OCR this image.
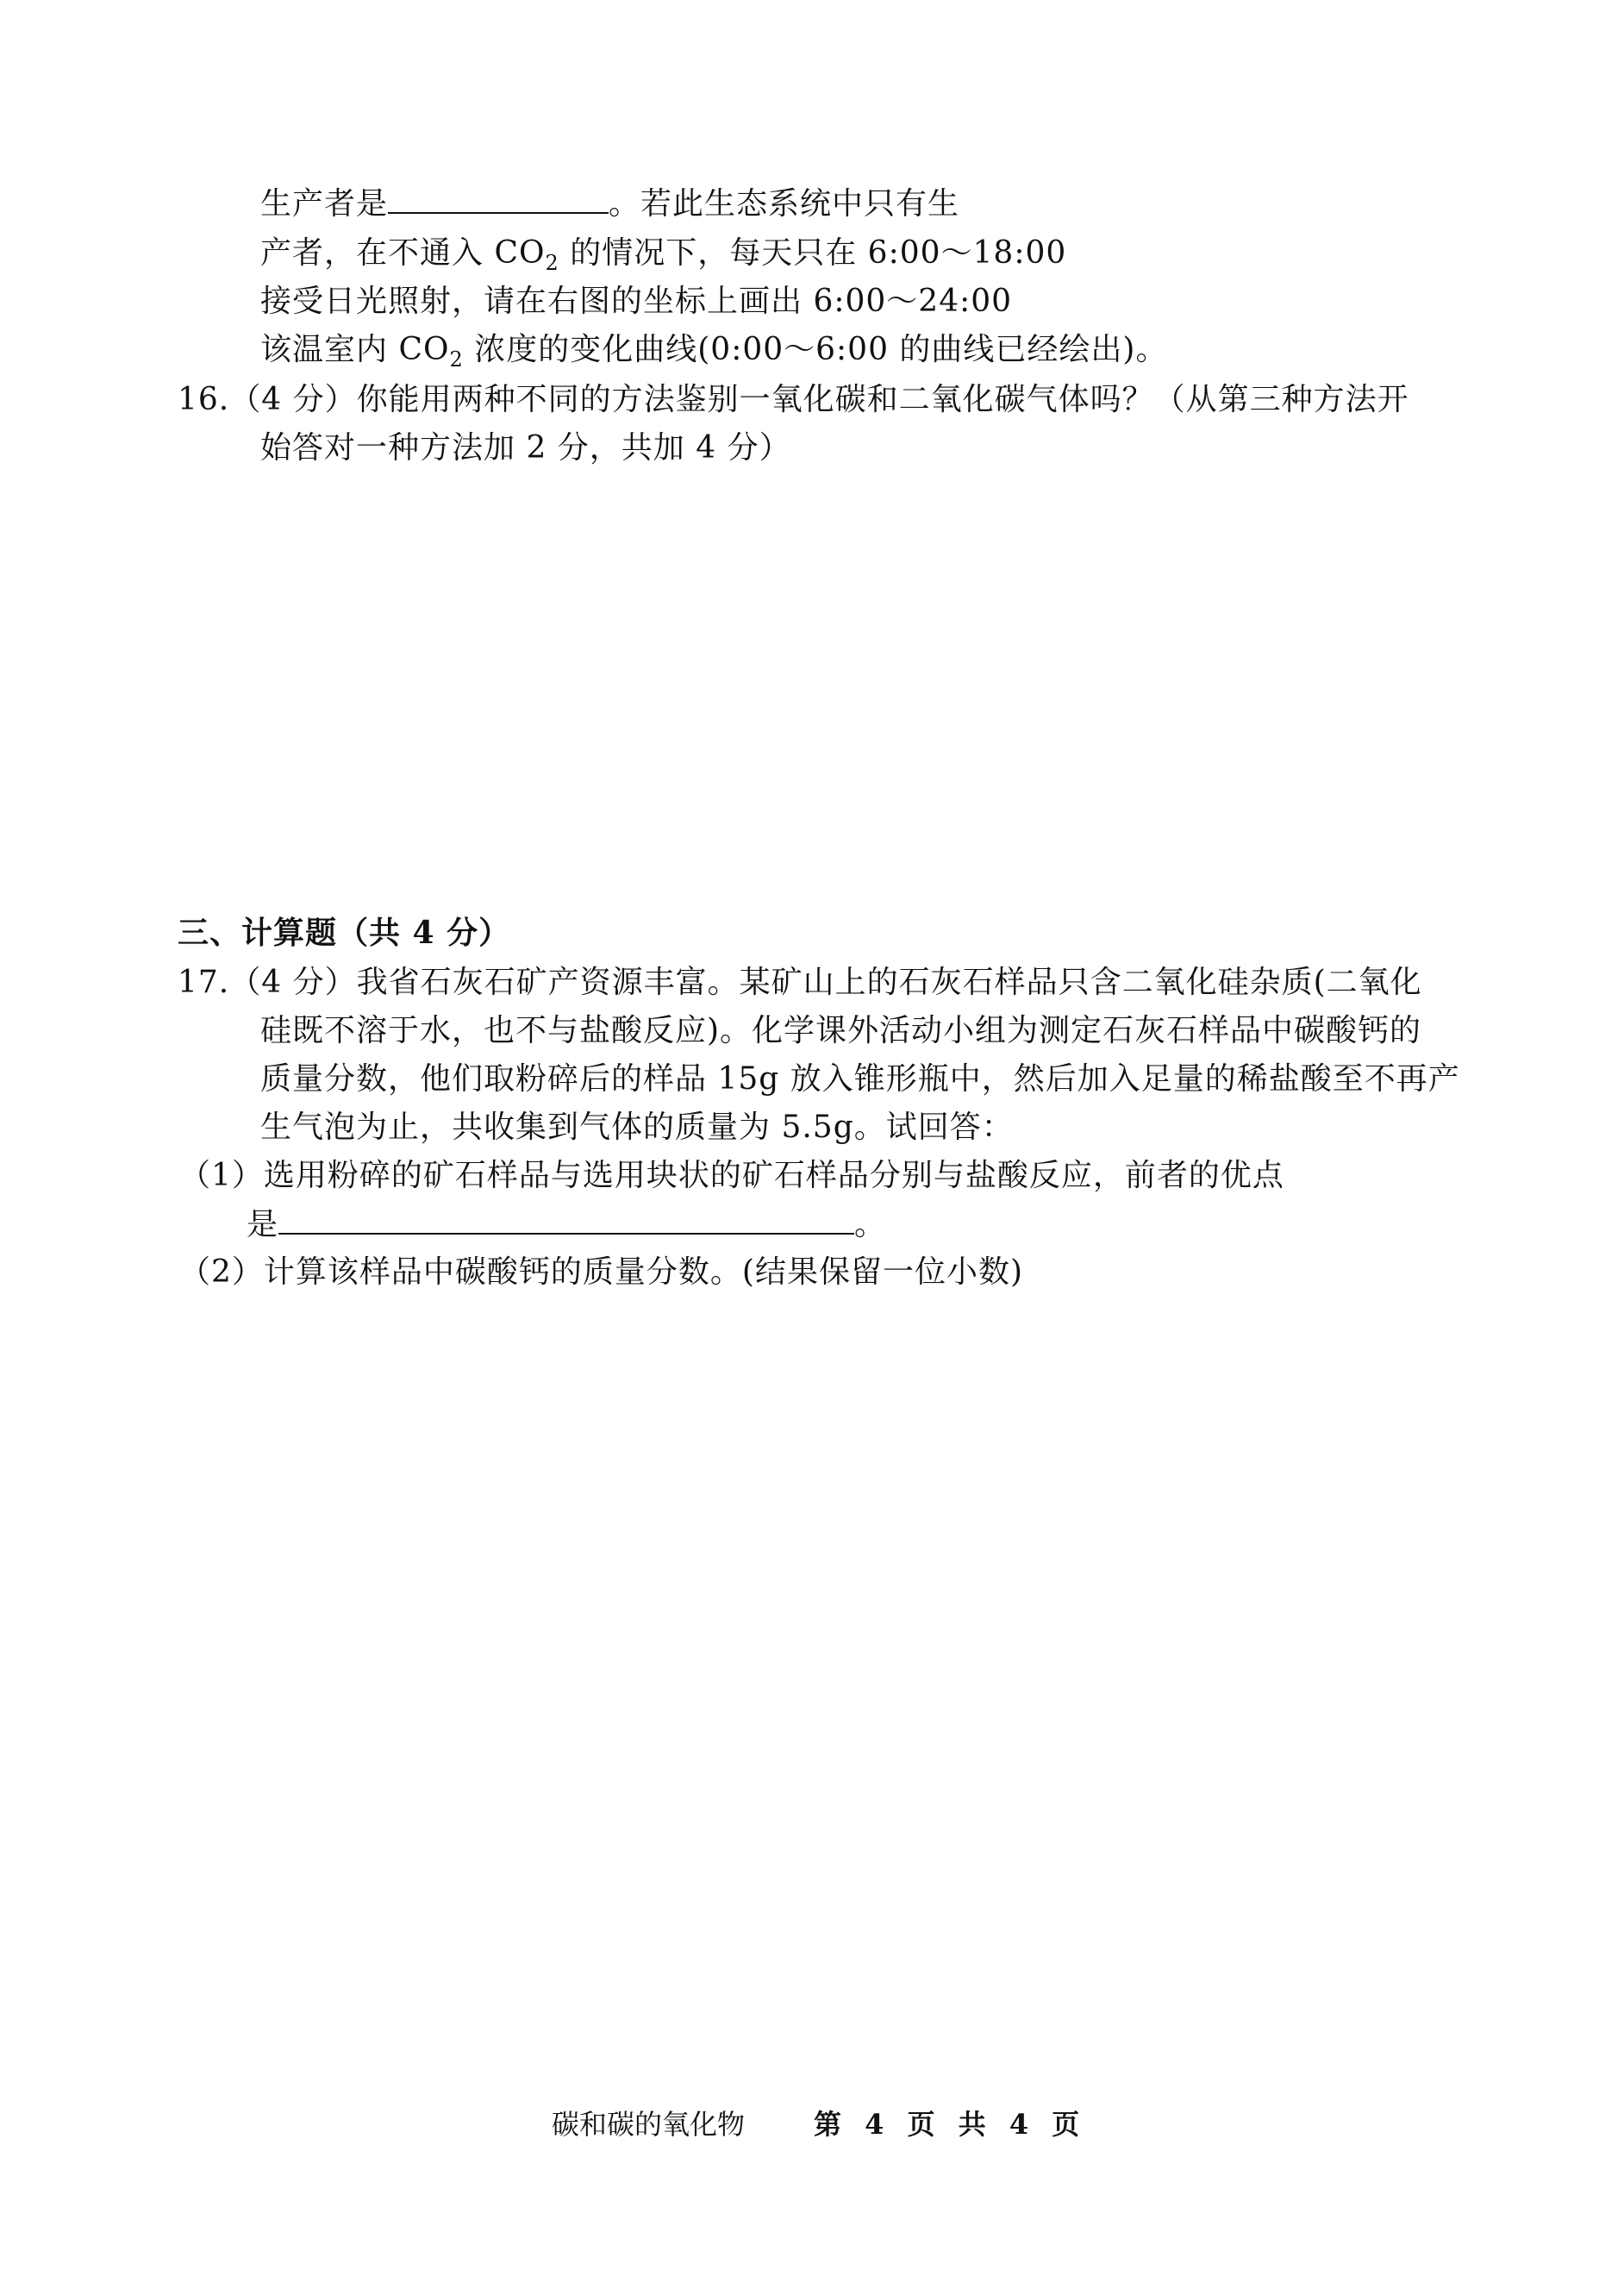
生产者是	。若此生态系统中只有生
产者，在不通入 $CO_2$ 的情况下，每天只在 6:00～18:00
接受日光照射，请在右图的坐标上画出 6:00～24:00
该温室内 $CO_2$ 浓度的变化曲线(0:00～6:00 的曲线已经绘出)。
16.（4 分）你能用两种不同的方法鉴别一氧化碳和二氧化碳气体吗？（从第三种方法开
始答对一种方法加 2 分，共加 4 分）
三、计算题（共 4 分）
17.（4 分）我省石灰石矿产资源丰富。某矿山上的石灰石样品只含二氧化硅杂质(二氧化
硅既不溶于水，也不与盐酸反应)。化学课外活动小组为测定石灰石样品中碳酸钙的
质量分数，他们取粉碎后的样品 15g 放入锥形瓶中，然后加入足量的稀盐酸至不再产
生气泡为止，共收集到气体的质量为 5.5g。试回答：
（1）选用粉碎的矿石样品与选用块状的矿石样品分别与盐酸反应，前者的优点
是	。
（2）计算该样品中碳酸钙的质量分数。(结果保留一位小数)
碳和碳的氧化物	第 4 页 共 4 页
